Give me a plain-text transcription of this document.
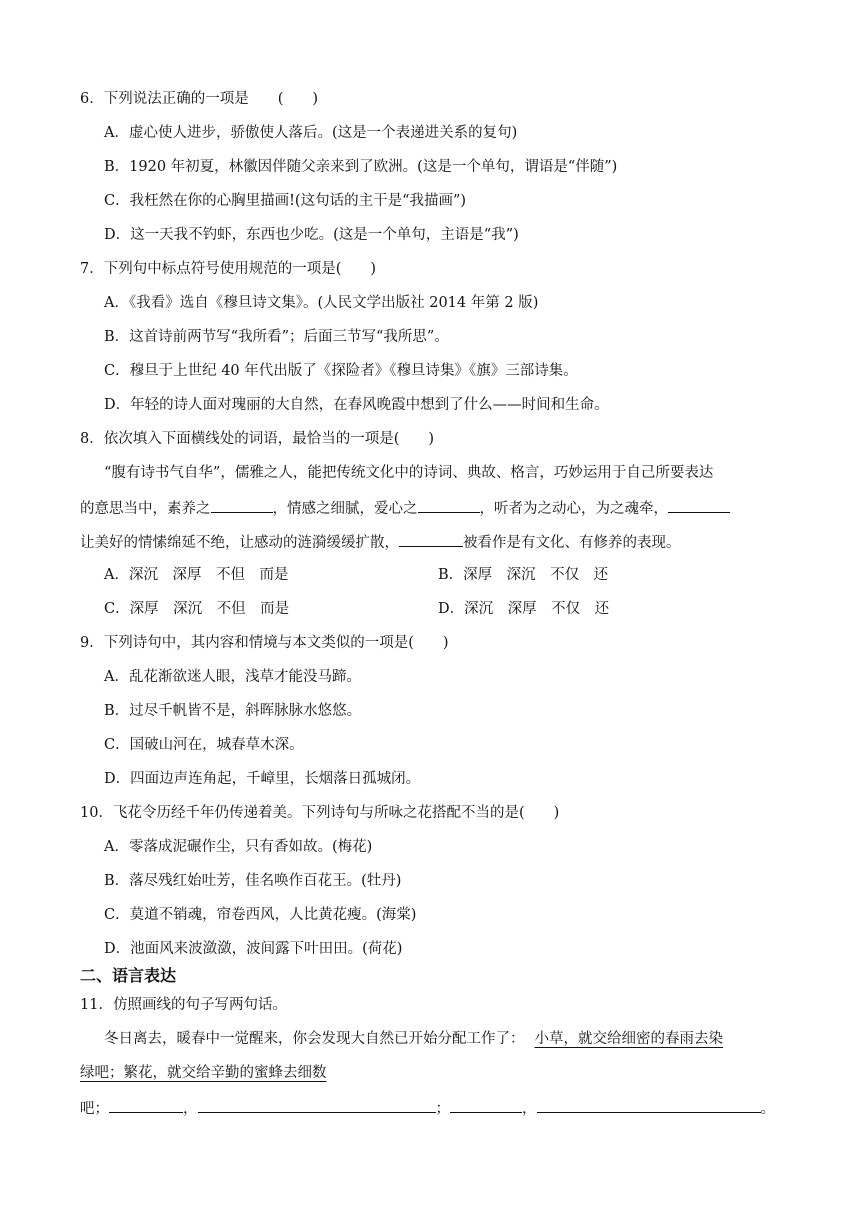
6．下列说法正确的一项是　　(　　)
A．虚心使人进步，骄傲使人落后。(这是一个表递进关系的复句)
B．1920 年初夏，林徽因伴随父亲来到了欧洲。(这是一个单句，谓语是“伴随”)
C．我枉然在你的心胸里描画!(这句话的主干是“我描画”)
D．这一天我不钓虾，东西也少吃。(这是一个单句，主语是“我”)
7．下列句中标点符号使用规范的一项是(　　)
A．《我看》选自《穆旦诗文集》。(人民文学出版社 2014 年第 2 版)
B．这首诗前两节写“我所看”；后面三节写“我所思”。
C．穆旦于上世纪 40 年代出版了《探险者》《穆旦诗集》《旗》三部诗集。
D．年轻的诗人面对瑰丽的大自然，在春风晚霞中想到了什么——时间和生命。
8．依次填入下面横线处的词语，最恰当的一项是(　　)
“腹有诗书气自华”，儒雅之人，能把传统文化中的诗词、典故、格言，巧妙运用于自己所要表达
的意思当中，素养之	，情感之细腻，爱心之	，听者为之动心，为之魂牵，
让美好的情愫绵延不绝，让感动的涟漪缓缓扩散，	被看作是有文化、有修养的表现。
A．深沉　深厚　不但　而是	B．深厚　深沉　不仅　还
C．深厚　深沉　不但　而是	D．深沉　深厚　不仅　还
9．下列诗句中，其内容和情境与本文类似的一项是(　　)
A．乱花渐欲迷人眼，浅草才能没马蹄。
B．过尽千帆皆不是，斜晖脉脉水悠悠。
C．国破山河在，城春草木深。
D．四面边声连角起，千嶂里，长烟落日孤城闭。
10．飞花令历经千年仍传递着美。下列诗句与所咏之花搭配不当的是(　　)
A．零落成泥碾作尘，只有香如故。(梅花)
B．落尽残红始吐芳，佳名唤作百花王。(牡丹)
C．莫道不销魂，帘卷西风，人比黄花瘦。(海棠)
D．池面风来波潋潋，波间露下叶田田。(荷花)
二、语言表达
11．仿照画线的句子写两句话。
冬日离去，暖春中一觉醒来，你会发现大自然已开始分配工作了： 小草，就交给细密的春雨去染
绿吧；繁花，就交给辛勤的蜜蜂去细数
吧；	，	；	，	。
